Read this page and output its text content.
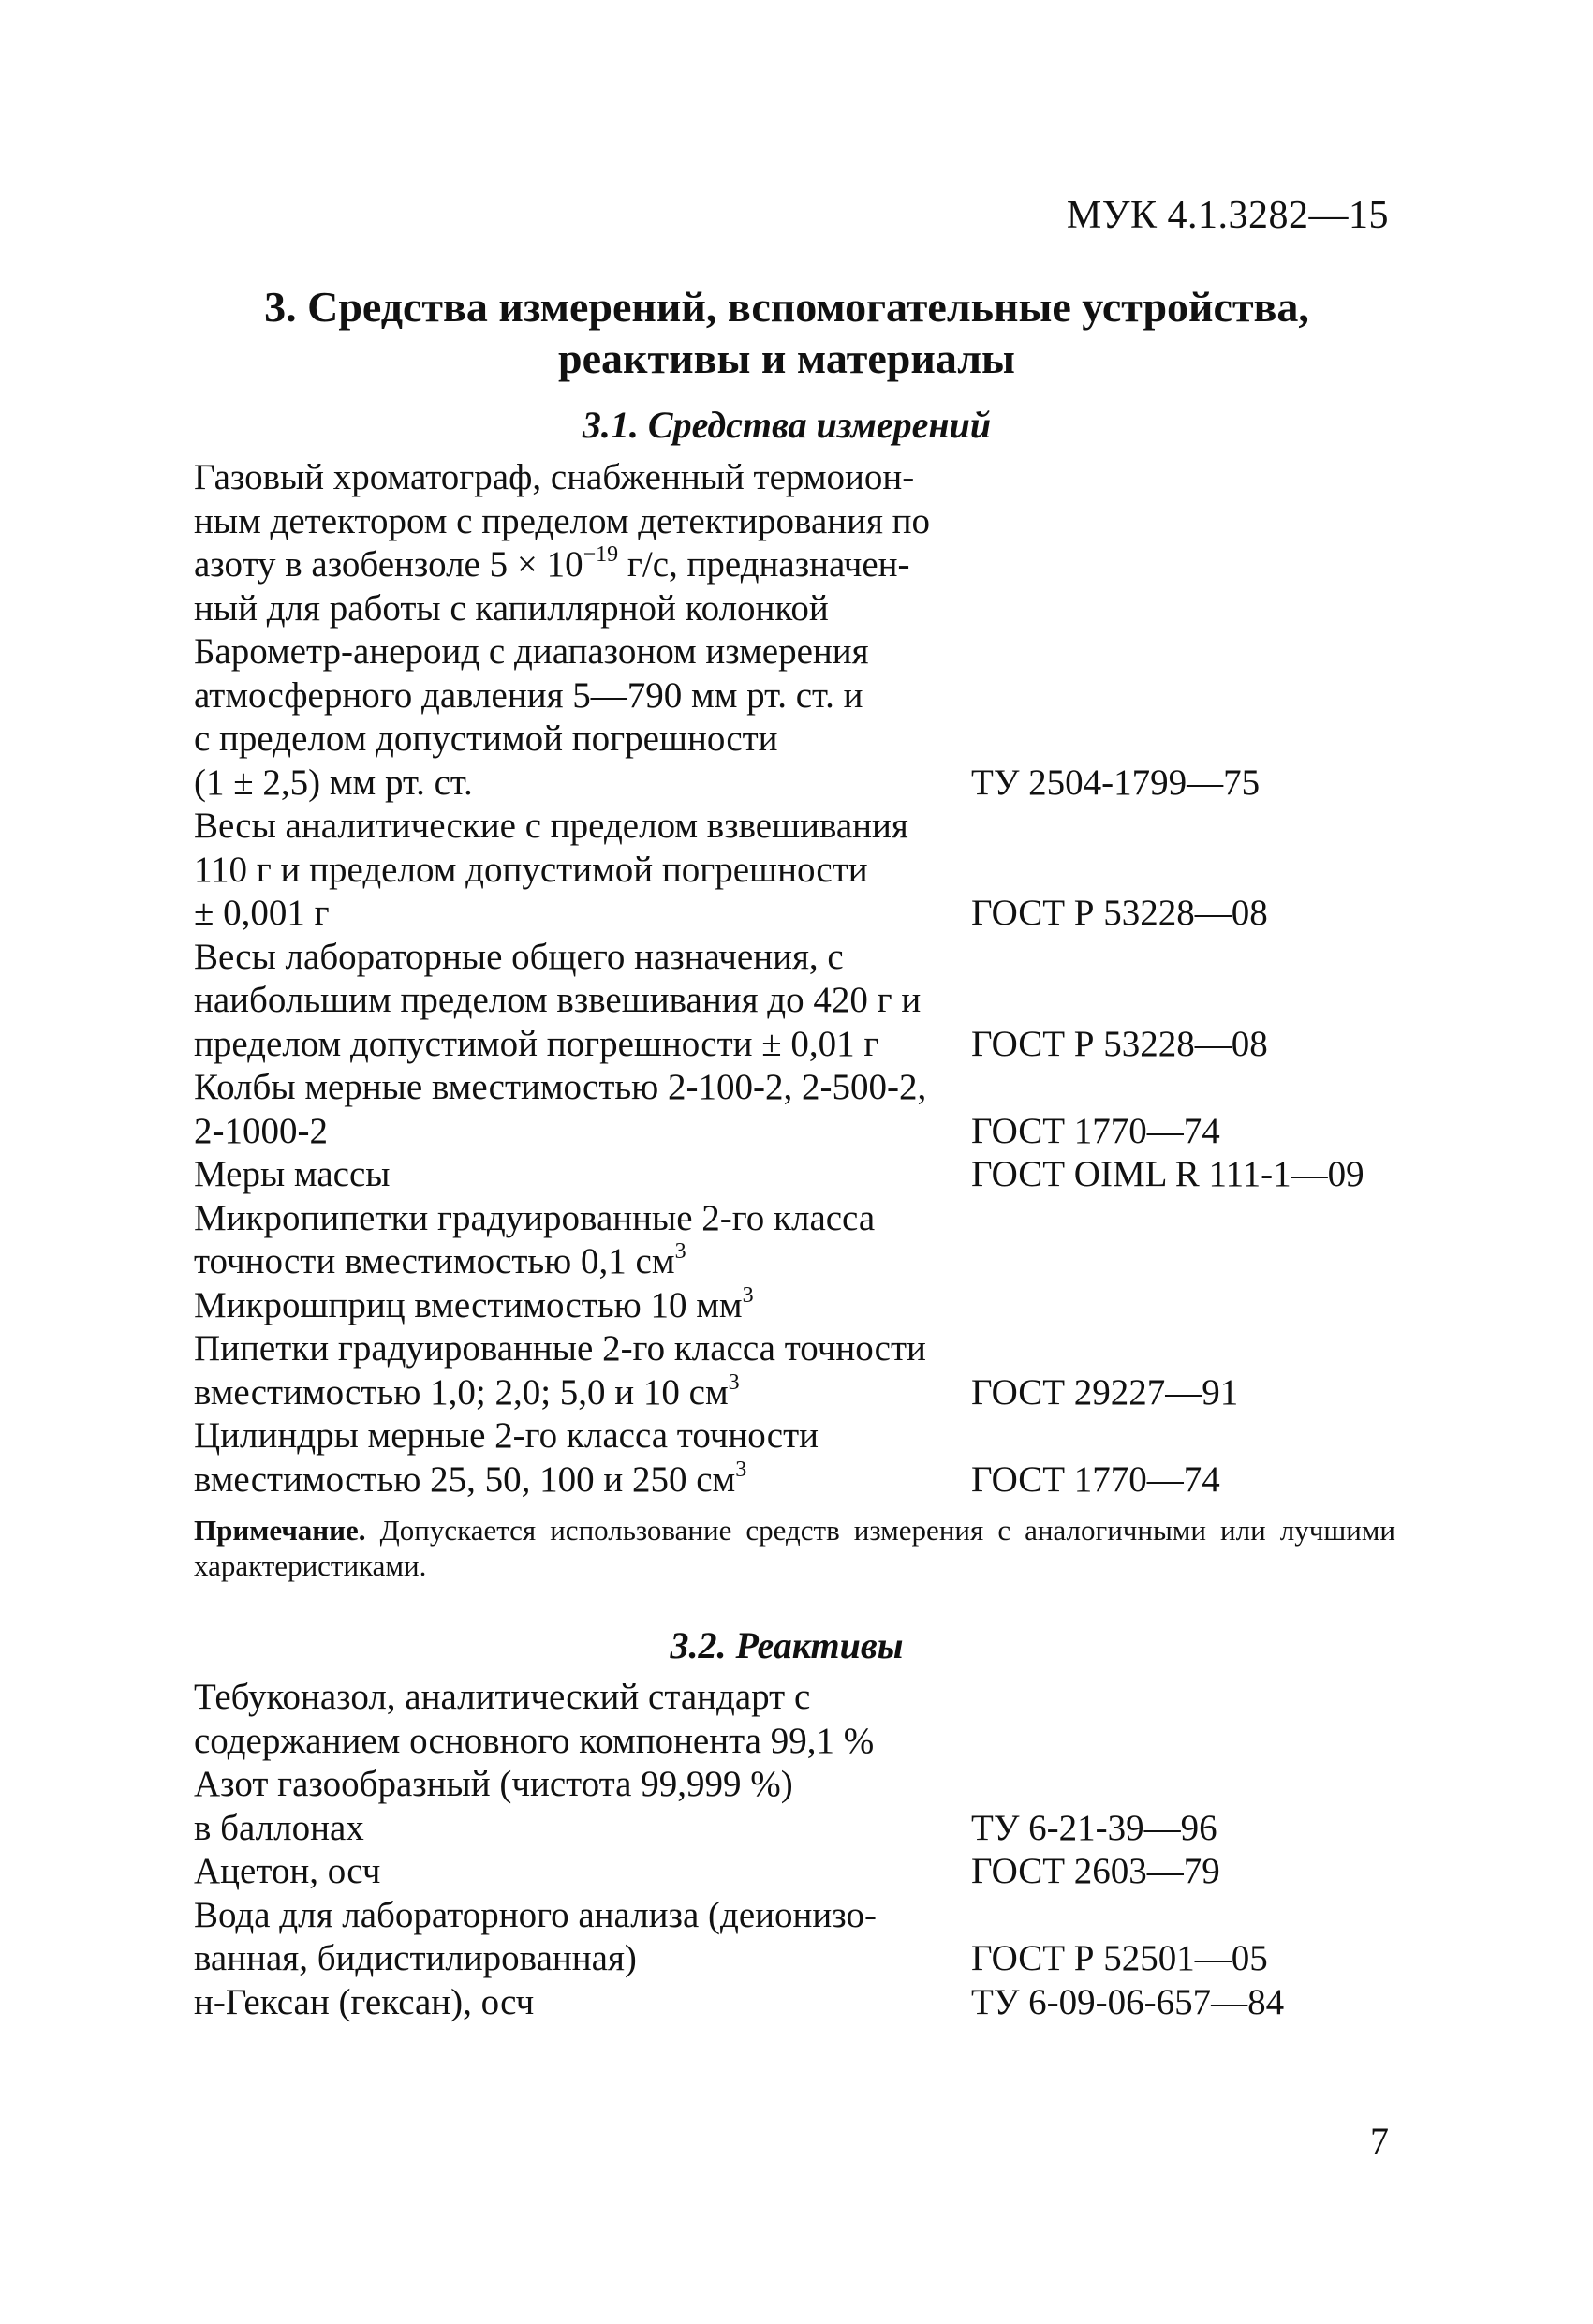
МУК 4.1.3282—15
3. Средства измерений, вспомогательные устройства,
реактивы и материалы
3.1. Средства измерений
Газовый хроматограф, снабженный термоион-
ным детектором с пределом детектирования по
азоту в азобензоле $5 \times 10^{-19}$ г/с, предназначен-
ный для работы с капиллярной колонкой
Барометр-анероид с диапазоном измерения
атмосферного давления 5—790 мм рт. ст. и
с пределом допустимой погрешности
(1 ± 2,5) мм рт. ст.	ТУ 2504-1799—75
Весы аналитические с пределом взвешивания
110 г и пределом допустимой погрешности
± 0,001 г	ГОСТ Р 53228—08
Весы лабораторные общего назначения, с
наибольшим пределом взвешивания до 420 г и
пределом допустимой погрешности ± 0,01 г	ГОСТ Р 53228—08
Колбы мерные вместимостью 2-100-2, 2-500-2,
2-1000-2	ГОСТ 1770—74
Меры массы	ГОСТ OIML R 111-1—09
Микропипетки градуированные 2-го класса
точности вместимостью 0,1 $см^3$
Микрошприц вместимостью 10 $мм^3$
Пипетки градуированные 2-го класса точности
вместимостью 1,0; 2,0; 5,0 и 10 $см^3$	ГОСТ 29227—91
Цилиндры мерные 2-го класса точности
вместимостью 25, 50, 100 и 250 $см^3$	ГОСТ 1770—74
Примечание. Допускается использование средств измерения с аналогичными или лучшими характеристиками.
3.2. Реактивы
Тебуконазол, аналитический стандарт с
содержанием основного компонента 99,1 %
Азот газообразный (чистота 99,999 %)
в баллонах	ТУ 6-21-39—96
Ацетон, осч	ГОСТ 2603—79
Вода для лабораторного анализа (деионизо-
ванная, бидистилированная)	ГОСТ Р 52501—05
н-Гексан (гексан), осч	ТУ 6-09-06-657—84
7
